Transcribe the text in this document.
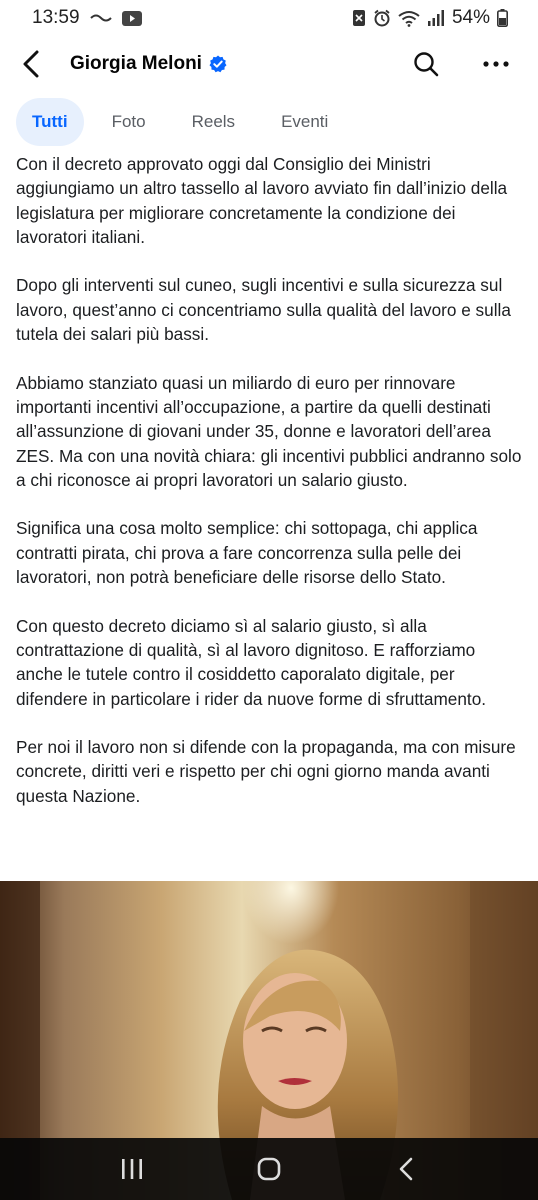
13:59	54%
Giorgia Meloni
Tutti	Foto	Reels	Eventi

Con il decreto approvato oggi dal Consiglio dei Ministri aggiungiamo un altro tassello al lavoro avviato fin dall’inizio della legislatura per migliorare concretamente la condizione dei lavoratori italiani.

Dopo gli interventi sul cuneo, sugli incentivi e sulla sicurezza sul lavoro, quest’anno ci concentriamo sulla qualità del lavoro e sulla tutela dei salari più bassi.

Abbiamo stanziato quasi un miliardo di euro per rinnovare importanti incentivi all’occupazione, a partire da quelli destinati all’assunzione di giovani under 35, donne e lavoratori dell’area ZES. Ma con una novità chiara: gli incentivi pubblici andranno solo a chi riconosce ai propri lavoratori un salario giusto.

Significa una cosa molto semplice: chi sottopaga, chi applica contratti pirata, chi prova a fare concorrenza sulla pelle dei lavoratori, non potrà beneficiare delle risorse dello Stato.

Con questo decreto diciamo sì al salario giusto, sì alla contrattazione di qualità, sì al lavoro dignitoso. E rafforziamo anche le tutele contro il cosiddetto caporalato digitale, per difendere in particolare i rider da nuove forme di sfruttamento.

Per noi il lavoro non si difende con la propaganda, ma con misure concrete, diritti veri e rispetto per chi ogni giorno manda avanti questa Nazione.
